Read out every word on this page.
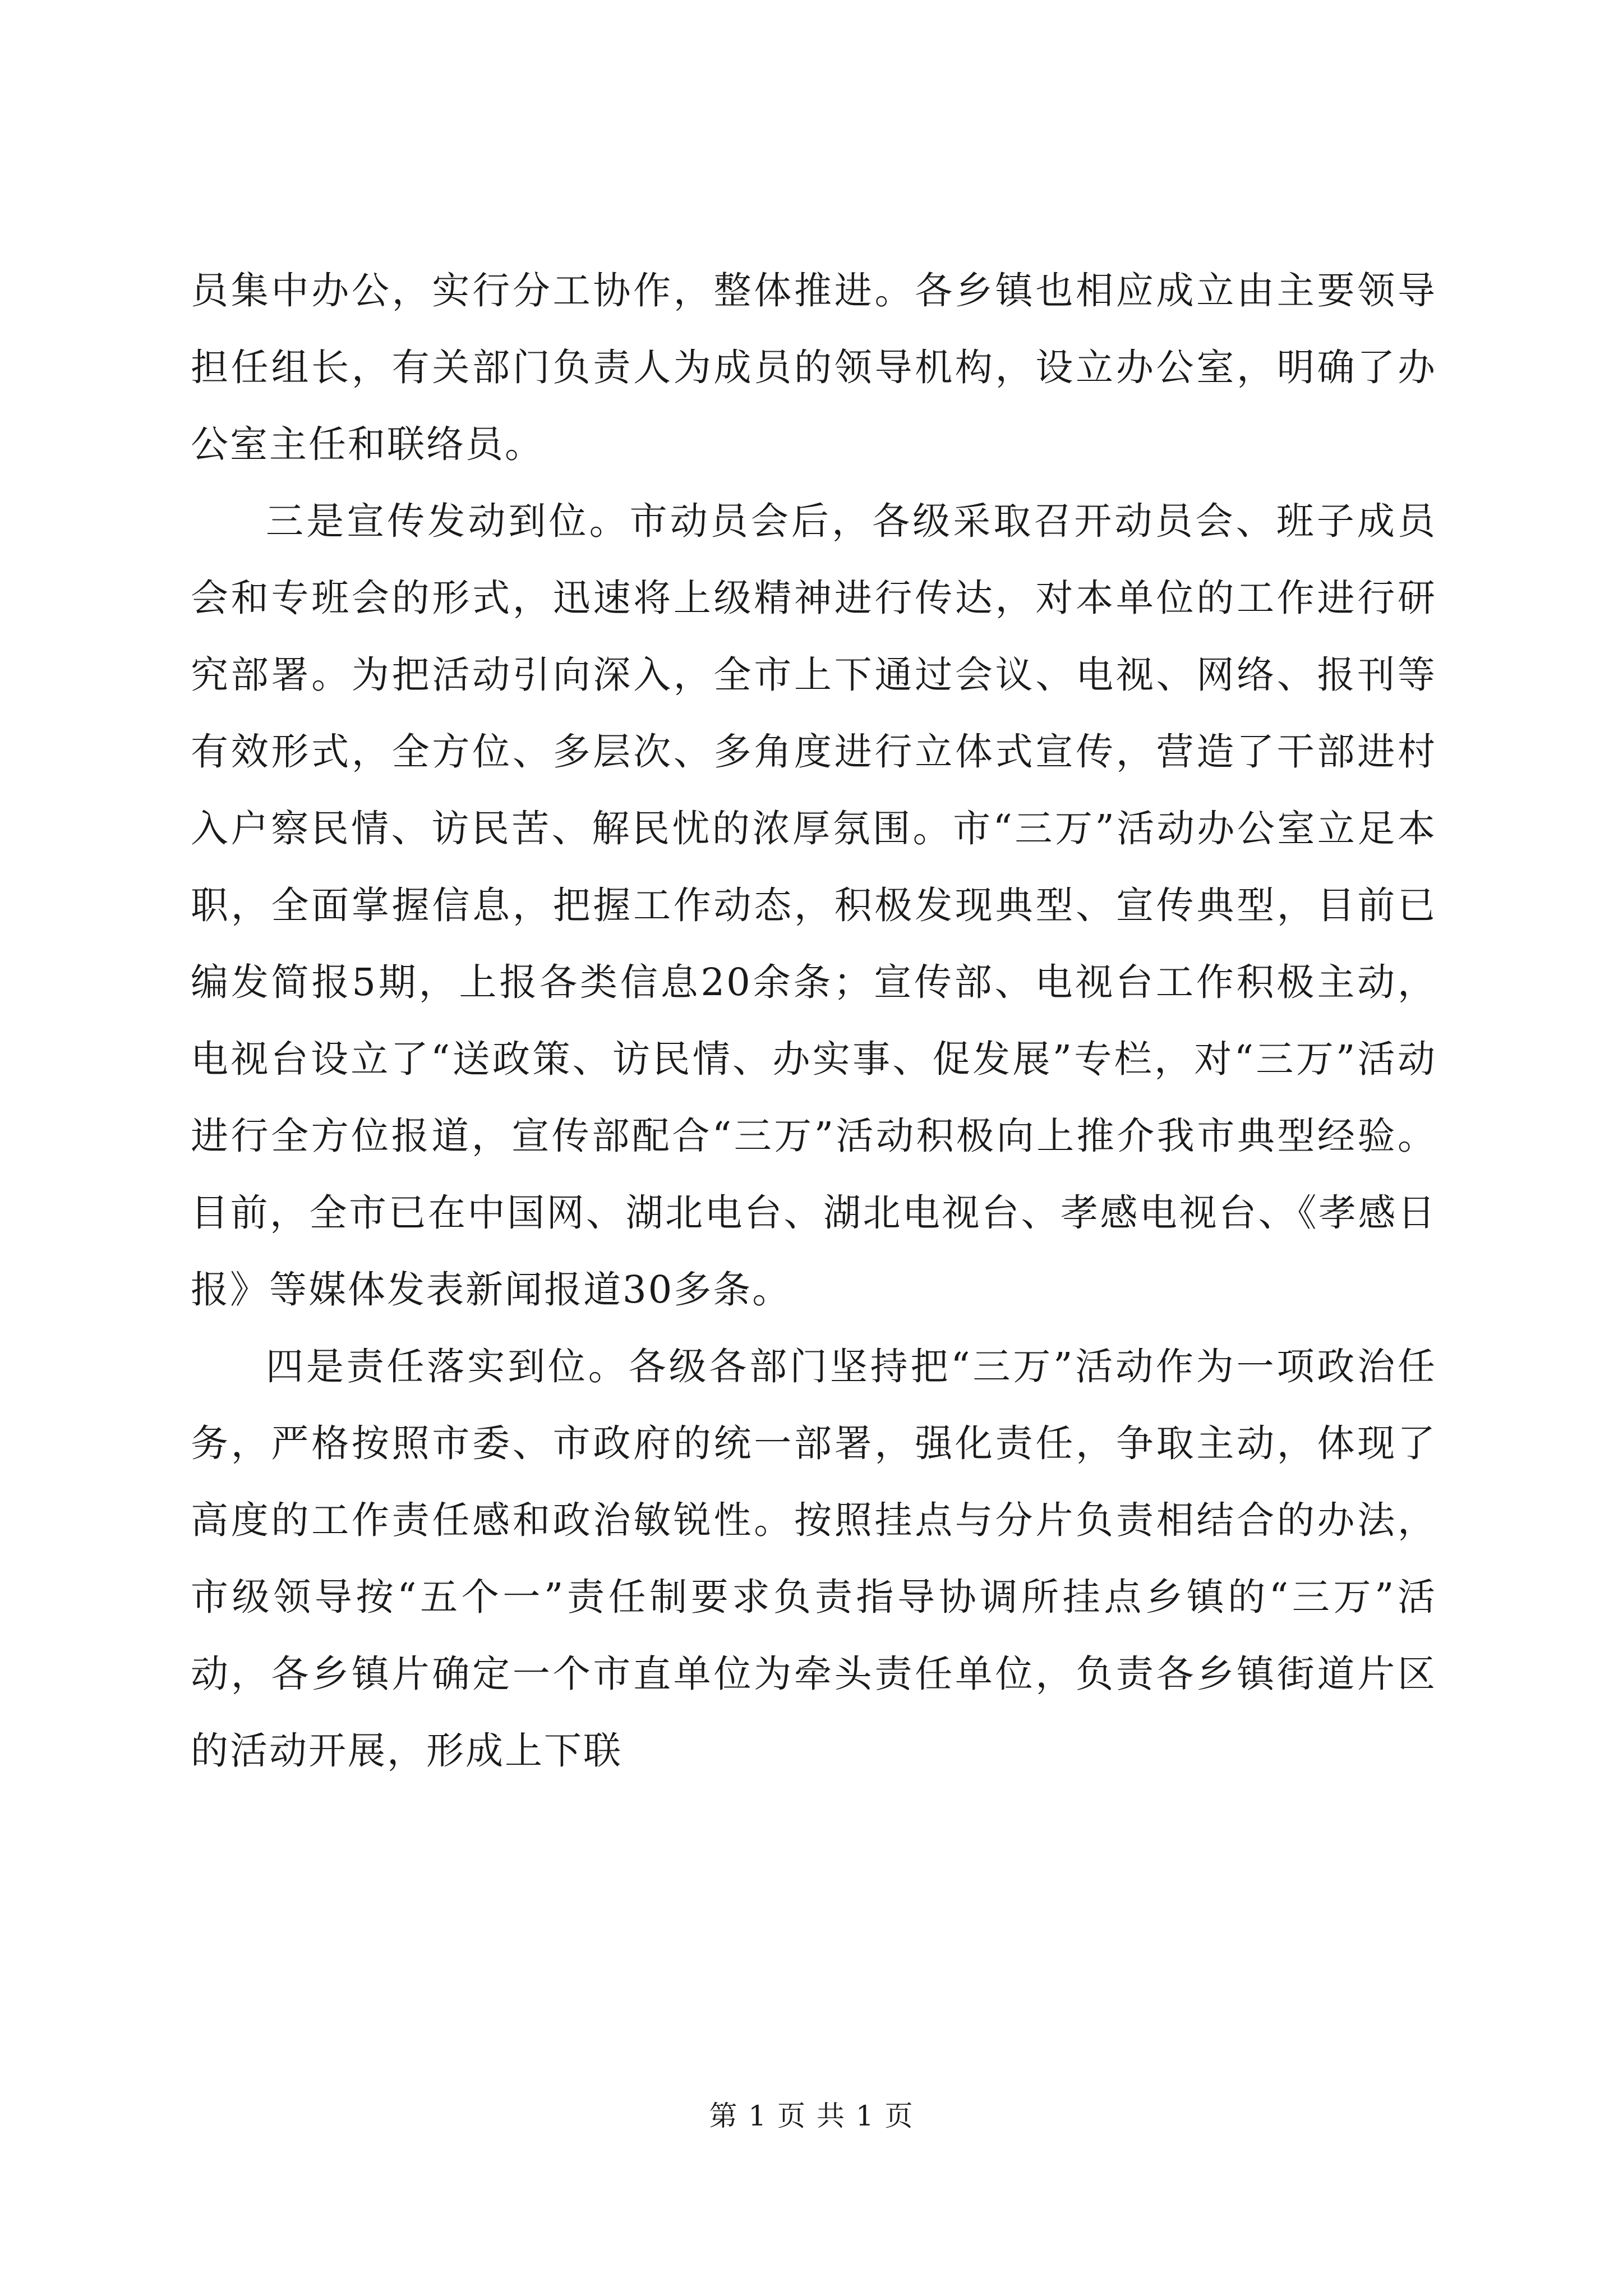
员集中办公，实行分工协作，整体推进。各乡镇也相应成立由主要领导担任组长，有关部门负责人为成员的领导机构，设立办公室，明确了办公室主任和联络员。

三是宣传发动到位。市动员会后，各级采取召开动员会、班子成员会和专班会的形式，迅速将上级精神进行传达，对本单位的工作进行研究部署。为把活动引向深入，全市上下通过会议、电视、网络、报刊等有效形式，全方位、多层次、多角度进行立体式宣传，营造了干部进村入户察民情、访民苦、解民忧的浓厚氛围。市“三万”活动办公室立足本职，全面掌握信息，把握工作动态，积极发现典型、宣传典型，目前已编发简报5期，上报各类信息20余条；宣传部、电视台工作积极主动，电视台设立了“送政策、访民情、办实事、促发展”专栏，对“三万”活动进行全方位报道，宣传部配合“三万”活动积极向上推介我市典型经验。目前，全市已在中国网、湖北电台、湖北电视台、孝感电视台、《孝感日报》等媒体发表新闻报道30多条。

四是责任落实到位。各级各部门坚持把“三万”活动作为一项政治任务，严格按照市委、市政府的统一部署，强化责任，争取主动，体现了高度的工作责任感和政治敏锐性。按照挂点与分片负责相结合的办法，市级领导按“五个一”责任制要求负责指导协调所挂点乡镇的“三万”活动，各乡镇片确定一个市直单位为牵头责任单位，负责各乡镇街道片区的活动开展，形成上下联

第 1 页 共 1 页
